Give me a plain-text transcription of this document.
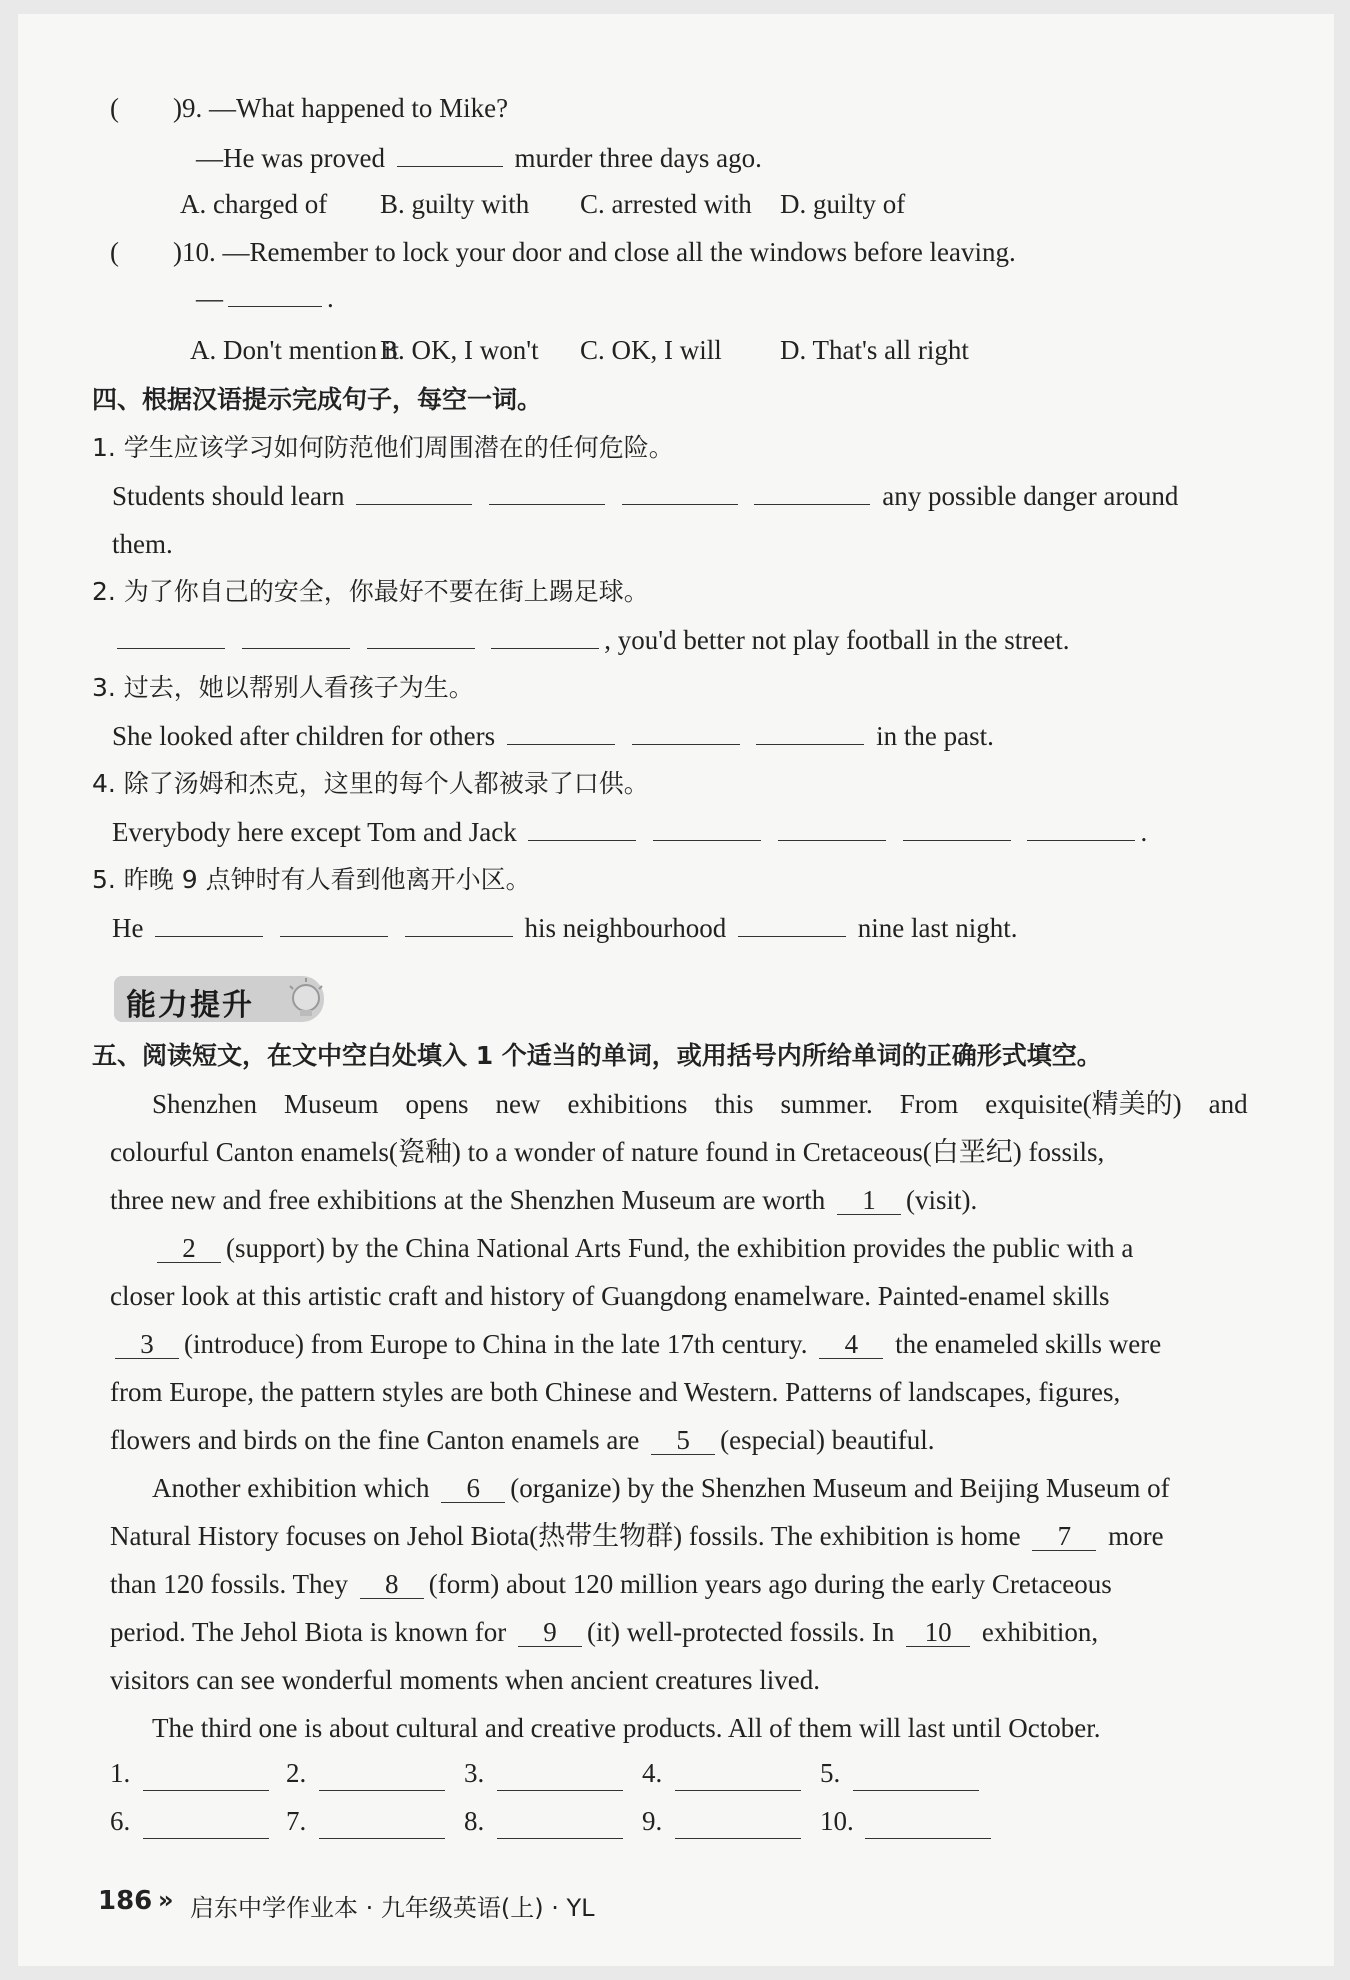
(　　)9. —What happened to Mike?
—He was proved	murder three days ago.
A. charged of B. guilty with C. arrested with D. guilty of
(　　)10. —Remember to lock your door and close all the windows before leaving.
—	.
A. Don't mention it
B. OK, I won't C. OK, I will D. That's all right
四、根据汉语提示完成句子，每空一词。
1. 学生应该学习如何防范他们周围潜在的任何危险。
Students should learn	any possible danger around
them.
2. 为了你自己的安全，你最好不要在街上踢足球。
, you'd better not play football in the street.
3. 过去，她以帮别人看孩子为生。
She looked after children for others	in the past.
4. 除了汤姆和杰克，这里的每个人都被录了口供。
Everybody here except Tom and Jack	.
5. 昨晚 9 点钟时有人看到他离开小区。
He	his neighbourhood	nine last night.
能力提升
五、阅读短文，在文中空白处填入 1 个适当的单词，或用括号内所给单词的正确形式填空。
Shenzhen　Museum　opens　new　exhibitions　this　summer.　From　exquisite(精美的)　and
colourful Canton enamels(瓷釉) to a wonder of nature found in Cretaceous(白垩纪) fossils,
three new and free exhibitions at the Shenzhen Museum are worth 1 (visit).
2 (support) by the China National Arts Fund, the exhibition provides the public with a
closer look at this artistic craft and history of Guangdong enamelware. Painted-enamel skills
3 (introduce) from Europe to China in the late 17th century. 4 the enameled skills were
from Europe, the pattern styles are both Chinese and Western. Patterns of landscapes, figures,
flowers and birds on the fine Canton enamels are 5 (especial) beautiful.
Another exhibition which 6 (organize) by the Shenzhen Museum and Beijing Museum of
Natural History focuses on Jehol Biota(热带生物群) fossils. The exhibition is home 7 more
than 120 fossils. They 8 (form) about 120 million years ago during the early Cretaceous
period. The Jehol Biota is known for 9 (it) well-protected fossils. In 10 exhibition,
visitors can see wonderful moments when ancient creatures lived.
The third one is about cultural and creative products. All of them will last until October.
1.	2.	3.	4.	5.
6.	7.	8.	9.	10.
186 » 启东中学作业本 · 九年级英语(上) · YL
